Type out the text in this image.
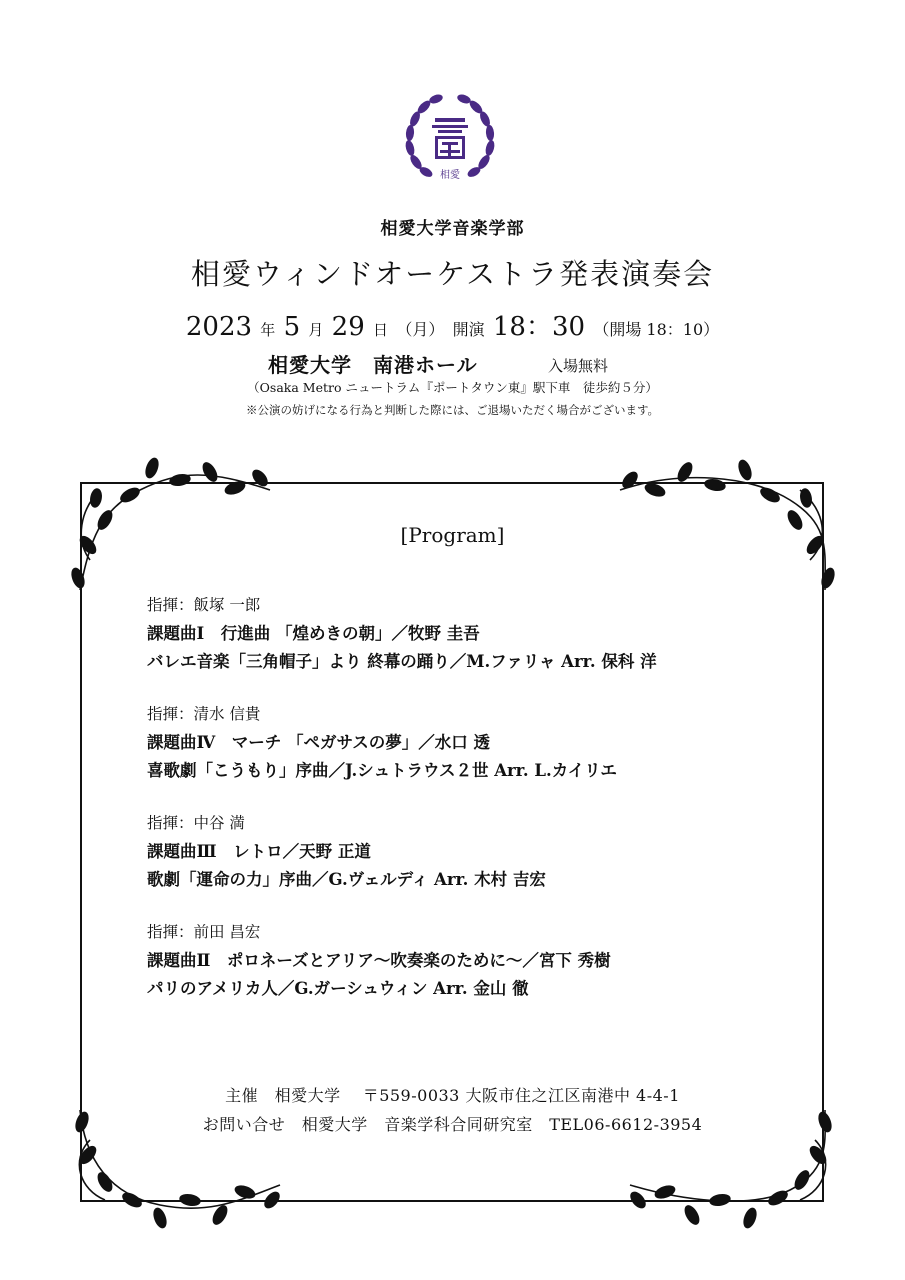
相愛
相愛大学音楽学部
相愛ウィンドオーケストラ発表演奏会
2023 年 5 月 29 日 （月） 開演 18：30 （開場 18：10）
相愛大学　南港ホール	入場無料
（Osaka Metro ニュートラム『ポートタウン東』駅下車　徒歩約５分）
※公演の妨げになる行為と判断した際には、ご退場いただく場合がございます。
[Program]
指揮：飯塚 一郎
課題曲Ⅰ　行進曲 「煌めきの朝」／牧野 圭吾
バレエ音楽「三角帽子」より 終幕の踊り／M.ファリャ Arr. 保科 洋
指揮：清水 信貴
課題曲Ⅳ　マーチ 「ペガサスの夢」／水口 透
喜歌劇「こうもり」序曲／J.シュトラウス２世 Arr. L.カイリエ
指揮：中谷 満
課題曲Ⅲ　レトロ／天野 正道
歌劇「運命の力」序曲／G.ヴェルディ Arr. 木村 吉宏
指揮：前田 昌宏
課題曲Ⅱ　ポロネーズとアリア～吹奏楽のために～／宮下 秀樹
パリのアメリカ人／G.ガーシュウィン Arr. 金山 徹
主催　相愛大学　 〒559-0033 大阪市住之江区南港中 4-4-1
お問い合せ　相愛大学　音楽学科合同研究室　TEL06-6612-3954
